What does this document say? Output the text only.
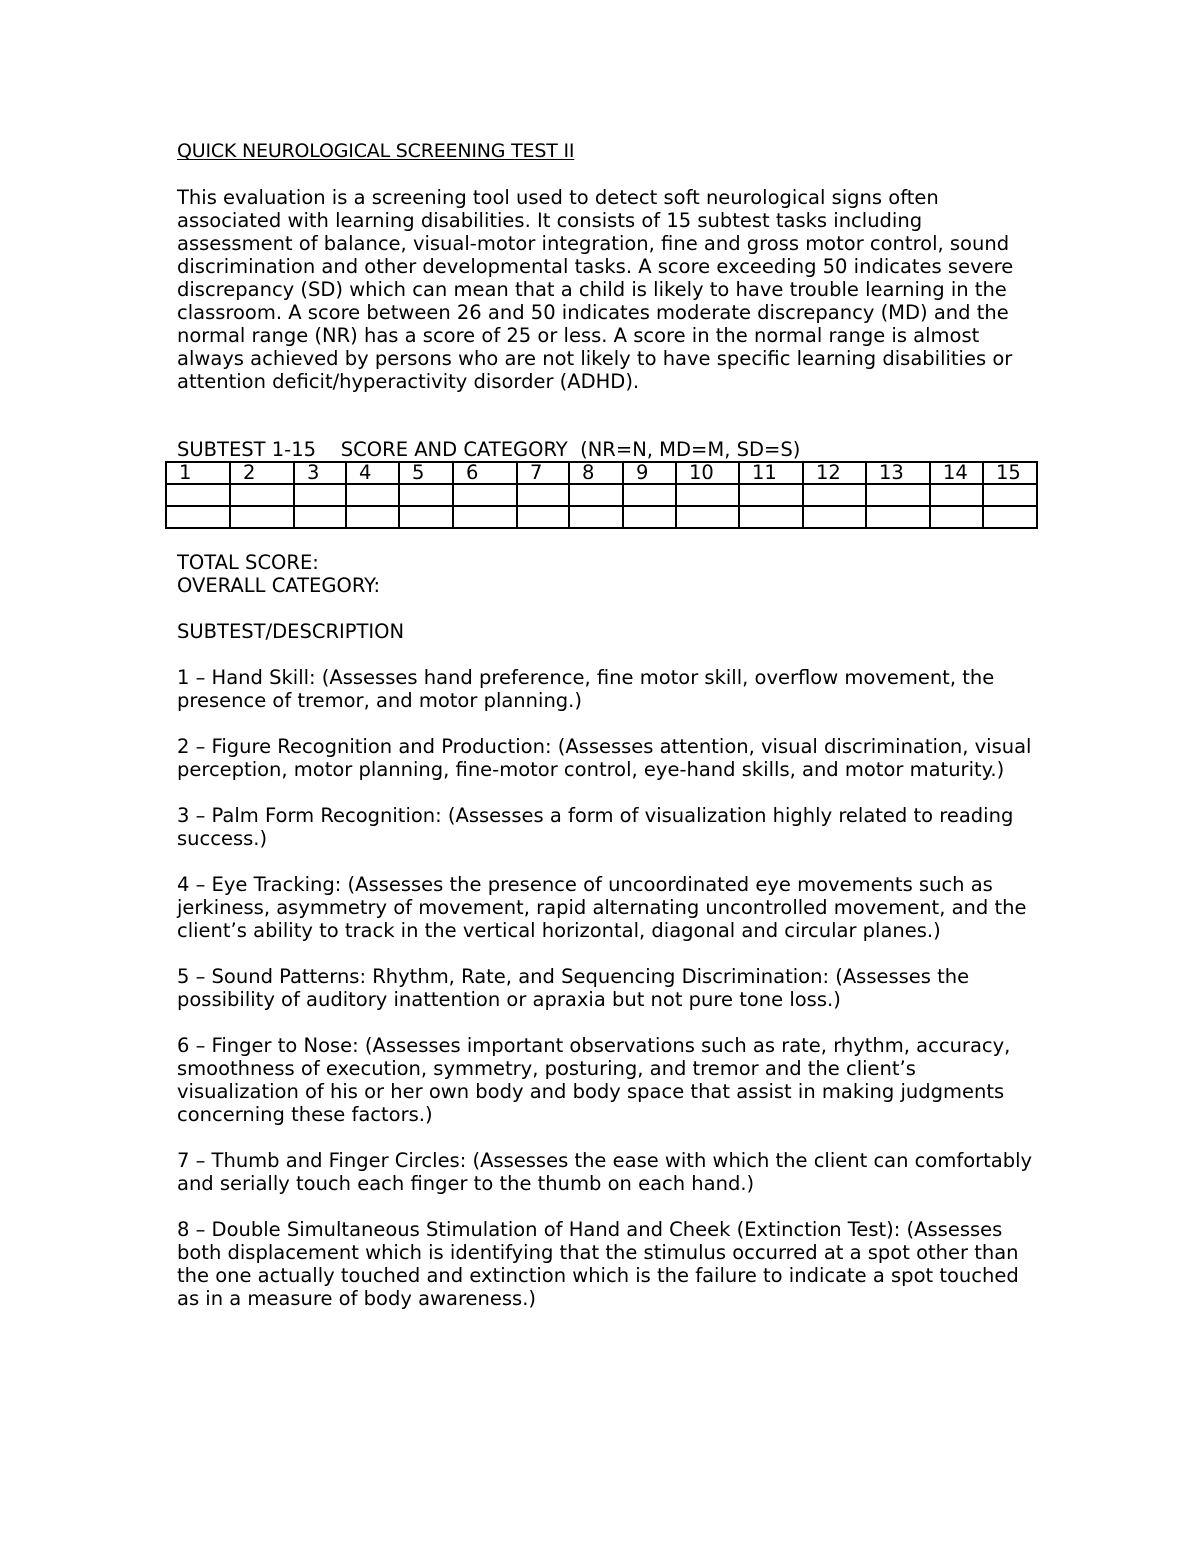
QUICK NEUROLOGICAL SCREENING TEST II

This evaluation is a screening tool used to detect soft neurological signs often associated with learning disabilities. It consists of 15 subtest tasks including assessment of balance, visual-motor integration, fine and gross motor control, sound discrimination and other developmental tasks. A score exceeding 50 indicates severe discrepancy (SD) which can mean that a child is likely to have trouble learning in the classroom. A score between 26 and 50 indicates moderate discrepancy (MD) and the normal range (NR) has a score of 25 or less. A score in the normal range is almost always achieved by persons who are not likely to have specific learning disabilities or attention deficit/hyperactivity disorder (ADHD).

SUBTEST 1-15    SCORE AND CATEGORY  (NR=N, MD=M, SD=S)

1	2	3	4	5	6	7	8	9	10	11	12	13	14	15

TOTAL SCORE:

OVERALL CATEGORY:

SUBTEST/DESCRIPTION

1 – Hand Skill: (Assesses hand preference, fine motor skill, overflow movement, the presence of tremor, and motor planning.)

2 – Figure Recognition and Production: (Assesses attention, visual discrimination, visual perception, motor planning, fine-motor control, eye-hand skills, and motor maturity.)

3 – Palm Form Recognition: (Assesses a form of visualization highly related to reading success.)

4 – Eye Tracking: (Assesses the presence of uncoordinated eye movements such as jerkiness, asymmetry of movement, rapid alternating uncontrolled movement, and the client’s ability to track in the vertical horizontal, diagonal and circular planes.)

5 – Sound Patterns: Rhythm, Rate, and Sequencing Discrimination: (Assesses the possibility of auditory inattention or apraxia but not pure tone loss.)

6 – Finger to Nose: (Assesses important observations such as rate, rhythm, accuracy, smoothness of execution, symmetry, posturing, and tremor and the client’s visualization of his or her own body and body space that assist in making judgments concerning these factors.)

7 – Thumb and Finger Circles: (Assesses the ease with which the client can comfortably and serially touch each finger to the thumb on each hand.)

8 – Double Simultaneous Stimulation of Hand and Cheek (Extinction Test): (Assesses both displacement which is identifying that the stimulus occurred at a spot other than the one actually touched and extinction which is the failure to indicate a spot touched as in a measure of body awareness.)
